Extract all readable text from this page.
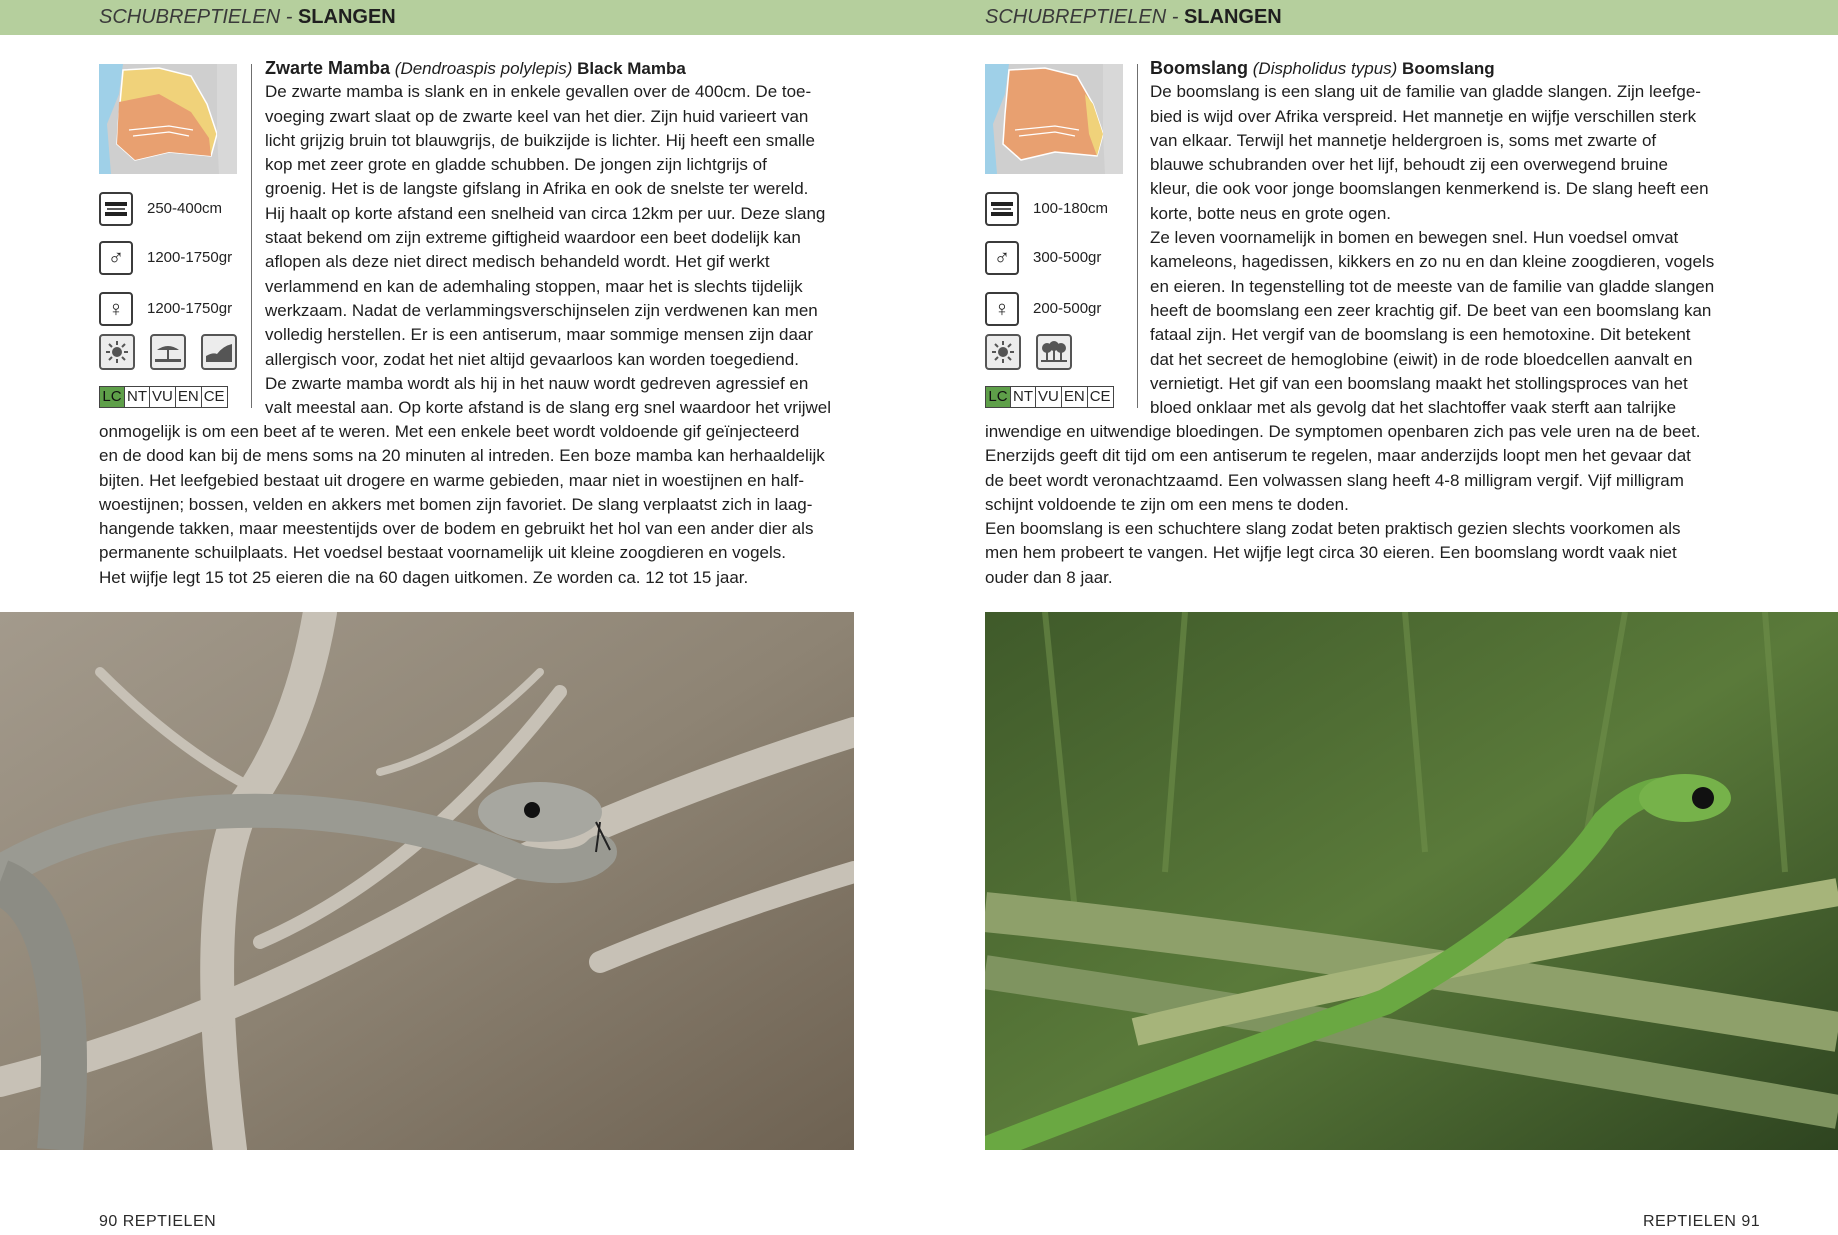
SCHUBREPTIELEN - SLANGEN
250-400cm
♂	1200-1750gr
♀	1200-1750gr
LC NT VU EN CE
Zwarte Mamba (Dendroaspis polylepis) Black Mamba
De zwarte mamba is slank en in enkele gevallen over de 400cm. De toe-
voeging zwart slaat op de zwarte keel van het dier. Zijn huid varieert van
licht grijzig bruin tot blauwgrijs, de buikzijde is lichter. Hij heeft een smalle
kop met zeer grote en gladde schubben. De jongen zijn lichtgrijs of
groenig. Het is de langste gifslang in Afrika en ook de snelste ter wereld.
Hij haalt op korte afstand een snelheid van circa 12km per uur. Deze slang
staat bekend om zijn extreme giftigheid waardoor een beet dodelijk kan
aflopen als deze niet direct medisch behandeld wordt. Het gif werkt
verlammend en kan de ademhaling stoppen, maar het is slechts tijdelijk
werkzaam. Nadat de verlammingsverschijnselen zijn verdwenen kan men
volledig herstellen. Er is een antiserum, maar sommige mensen zijn daar
allergisch voor, zodat het niet altijd gevaarloos kan worden toegediend.
De zwarte mamba wordt als hij in het nauw wordt gedreven agressief en
valt meestal aan. Op korte afstand is de slang erg snel waardoor het vrijwel
onmogelijk is om een beet af te weren. Met een enkele beet wordt voldoende gif geïnjecteerd
en de dood kan bij de mens soms na 20 minuten al intreden. Een boze mamba kan herhaaldelijk
bijten. Het leefgebied bestaat uit drogere en warme gebieden, maar niet in woestijnen en half-
woestijnen; bossen, velden en akkers met bomen zijn favoriet. De slang verplaatst zich in laag-
hangende takken, maar meestentijds over de bodem en gebruikt het hol van een ander dier als
permanente schuilplaats. Het voedsel bestaat voornamelijk uit kleine zoogdieren en vogels.
Het wijfje legt 15 tot 25 eieren die na 60 dagen uitkomen. Ze worden ca. 12 tot 15 jaar.
90 REPTIELEN
SCHUBREPTIELEN - SLANGEN
100-180cm
♂	300-500gr
♀	200-500gr
LC NT VU EN CE
Boomslang (Dispholidus typus) Boomslang
De boomslang is een slang uit de familie van gladde slangen. Zijn leefge-
bied is wijd over Afrika verspreid. Het mannetje en wijfje verschillen sterk
van elkaar. Terwijl het mannetje heldergroen is, soms met zwarte of
blauwe schubranden over het lijf, behoudt zij een overwegend bruine
kleur, die ook voor jonge boomslangen kenmerkend is. De slang heeft een
korte, botte neus en grote ogen.
Ze leven voornamelijk in bomen en bewegen snel. Hun voedsel omvat
kameleons, hagedissen, kikkers en zo nu en dan kleine zoogdieren, vogels
en eieren. In tegenstelling tot de meeste van de familie van gladde slangen
heeft de boomslang een zeer krachtig gif. De beet van een boomslang kan
fataal zijn. Het vergif van de boomslang is een hemotoxine. Dit betekent
dat het secreet de hemoglobine (eiwit) in de rode bloedcellen aanvalt en
vernietigt. Het gif van een boomslang maakt het stollingsproces van het
bloed onklaar met als gevolg dat het slachtoffer vaak sterft aan talrijke
inwendige en uitwendige bloedingen. De symptomen openbaren zich pas vele uren na de beet.
Enerzijds geeft dit tijd om een antiserum te regelen, maar anderzijds loopt men het gevaar dat
de beet wordt veronachtzaamd. Een volwassen slang heeft 4-8 milligram vergif. Vijf milligram
schijnt voldoende te zijn om een mens te doden.
Een boomslang is een schuchtere slang zodat beten praktisch gezien slechts voorkomen als
men hem probeert te vangen. Het wijfje legt circa 30 eieren. Een boomslang wordt vaak niet
ouder dan 8 jaar.
REPTIELEN 91
